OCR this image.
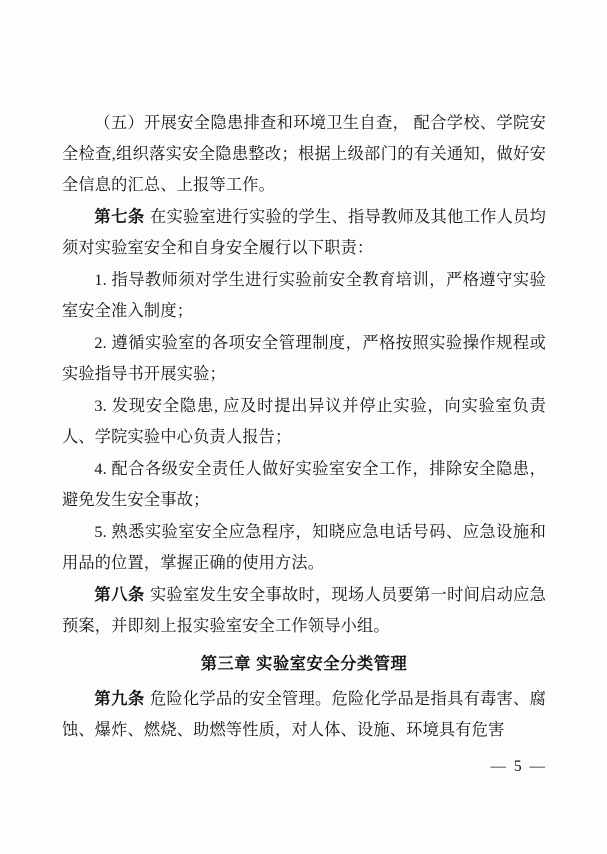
（五）开展安全隐患排查和环境卫生自查， 配合学校、学院安全检查,组织落实安全隐患整改；根据上级部门的有关通知，做好安全信息的汇总、上报等工作。

第七条 在实验室进行实验的学生、指导教师及其他工作人员均须对实验室安全和自身安全履行以下职责：

1. 指导教师须对学生进行实验前安全教育培训，严格遵守实验室安全准入制度；

2. 遵循实验室的各项安全管理制度，严格按照实验操作规程或实验指导书开展实验；

3. 发现安全隐患, 应及时提出异议并停止实验，向实验室负责人、学院实验中心负责人报告；

4. 配合各级安全责任人做好实验室安全工作，排除安全隐患，避免发生安全事故；

5. 熟悉实验室安全应急程序，知晓应急电话号码、应急设施和用品的位置，掌握正确的使用方法。

第八条 实验室发生安全事故时，现场人员要第一时间启动应急预案，并即刻上报实验室安全工作领导小组。

第三章 实验室安全分类管理

第九条 危险化学品的安全管理。危险化学品是指具有毒害、腐蚀、爆炸、燃烧、助燃等性质，对人体、设施、环境具有危害

— 5 —
